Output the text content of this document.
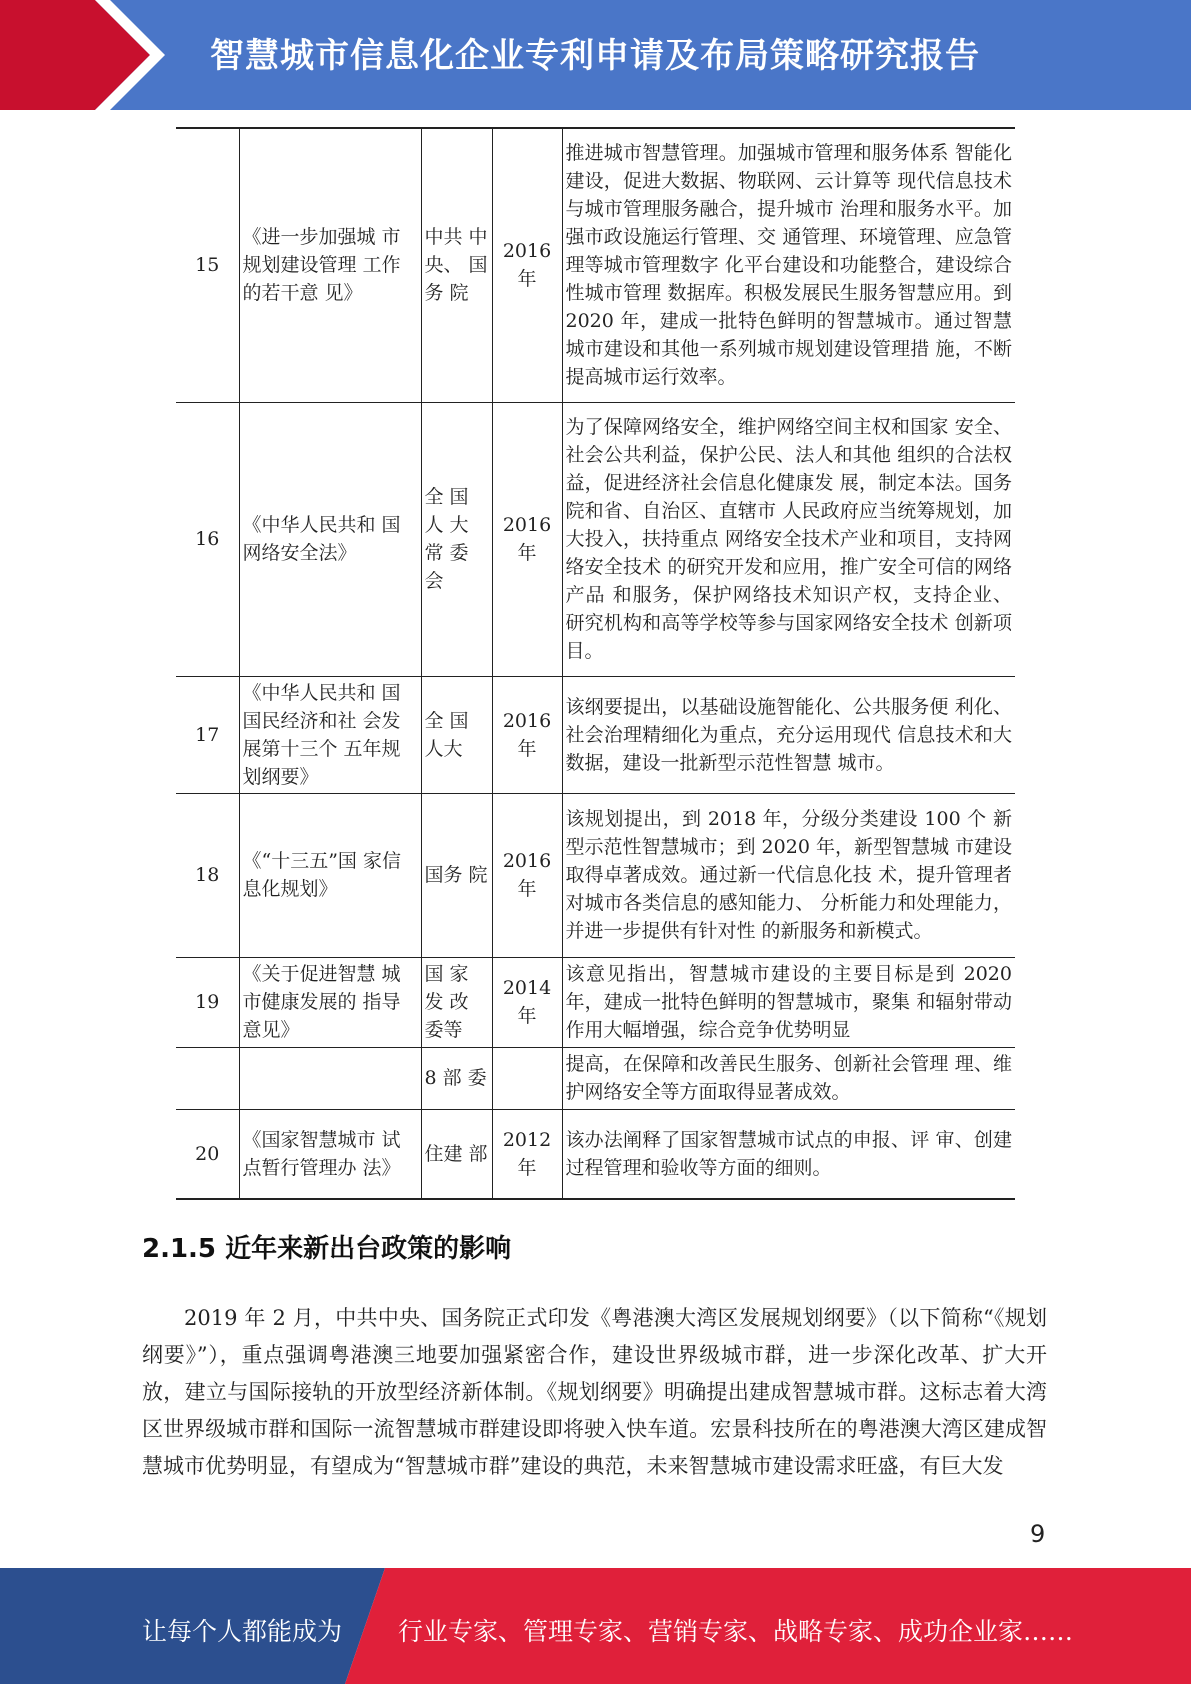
智慧城市信息化企业专利申请及布局策略研究报告
15	《进一步加强城 市规划建设管理 工作的若干意 见》	中共 中 央、 国务 院	2016 年	推进城市智慧管理。加强城市管理和服务体系 智能化建设，促进大数据、物联网、云计算等 现代信息技术与城市管理服务融合，提升城市 治理和服务水平。加强市政设施运行管理、交 通管理、环境管理、应急管理等城市管理数字 化平台建设和功能整合，建设综合性城市管理 数据库。积极发展民生服务智慧应用。到 2020 年，建成一批特色鲜明的智慧城市。通过智慧 城市建设和其他一系列城市规划建设管理措 施，不断提高城市运行效率。
16	《中华人民共和 国网络安全法》	全 国 人 大 常 委 会	2016 年	为了保障网络安全，维护网络空间主权和国家 安全、社会公共利益，保护公民、法人和其他 组织的合法权益，促进经济社会信息化健康发 展，制定本法。国务院和省、自治区、直辖市 人民政府应当统筹规划，加大投入，扶持重点 网络安全技术产业和项目，支持网络安全技术 的研究开发和应用，推广安全可信的网络产品 和服务，保护网络技术知识产权，支持企业、 研究机构和高等学校等参与国家网络安全技术 创新项目。
17	《中华人民共和 国国民经济和社 会发展第十三个 五年规划纲要》	全 国 人大	2016 年	该纲要提出，以基础设施智能化、公共服务便 利化、社会治理精细化为重点，充分运用现代 信息技术和大数据，建设一批新型示范性智慧 城市。
18	《“十三五”国 家信息化规划》	国务 院	2016 年	该规划提出，到 2018 年，分级分类建设 100 个 新型示范性智慧城市；到 2020 年，新型智慧城 市建设取得卓著成效。通过新一代信息化技 术，提升管理者对城市各类信息的感知能力、 分析能力和处理能力，并进一步提供有针对性 的新服务和新模式。
19	《关于促进智慧 城市健康发展的 指导意见》	国 家 发 改 委等	2014 年	该意见指出，智慧城市建设的主要目标是到 2020 年，建成一批特色鲜明的智慧城市，聚集 和辐射带动作用大幅增强，综合竞争优势明显
		8 部 委		提高，在保障和改善民生服务、创新社会管理 理、维护网络安全等方面取得显著成效。
20	《国家智慧城市 试点暂行管理办 法》	住建 部	2012 年	该办法阐释了国家智慧城市试点的申报、评 审、创建过程管理和验收等方面的细则。
2.1.5 近年来新出台政策的影响
2019 年 2 月，中共中央、国务院正式印发《粤港澳大湾区发展规划纲要》（以下简称“《规划纲要》”），重点强调粤港澳三地要加强紧密合作，建设世界级城市群，进一步深化改革、扩大开放，建立与国际接轨的开放型经济新体制。《规划纲要》明确提出建成智慧城市群。这标志着大湾区世界级城市群和国际一流智慧城市群建设即将驶入快车道。宏景科技所在的粤港澳大湾区建成智慧城市优势明显，有望成为“智慧城市群”建设的典范，未来智慧城市建设需求旺盛，有巨大发
9
让每个人都能成为 行业专家、管理专家、营销专家、战略专家、成功企业家……
